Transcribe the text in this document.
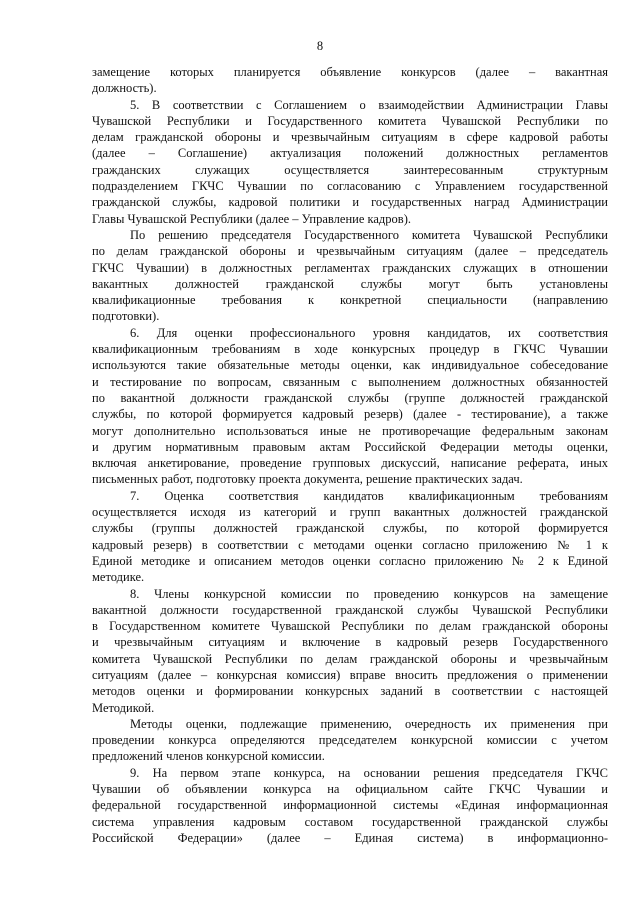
8
замещение которых планируется объявление конкурсов (далее – вакантная
должность).
5. В соответствии с Соглашением о взаимодействии Администрации Главы
Чувашской Республики и Государственного комитета Чувашской Республики по
делам гражданской обороны и чрезвычайным ситуациям в сфере кадровой работы
(далее – Соглашение) актуализация положений должностных регламентов
гражданских служащих осуществляется заинтересованным структурным
подразделением ГКЧС Чувашии по согласованию с Управлением государственной
гражданской службы, кадровой политики и государственных наград Администрации
Главы Чувашской Республики (далее – Управление кадров).
По решению председателя Государственного комитета Чувашской Республики
по делам гражданской обороны и чрезвычайным ситуациям (далее – председатель
ГКЧС Чувашии) в должностных регламентах гражданских служащих в отношении
вакантных должностей гражданской службы могут быть установлены
квалификационные требования к конкретной специальности (направлению
подготовки).
6. Для оценки профессионального уровня кандидатов, их соответствия
квалификационным требованиям в ходе конкурсных процедур в ГКЧС Чувашии
используются такие обязательные методы оценки, как индивидуальное собеседование
и тестирование по вопросам, связанным с выполнением должностных обязанностей
по вакантной должности гражданской службы (группе должностей гражданской
службы, по которой формируется кадровый резерв) (далее - тестирование), а также
могут дополнительно использоваться иные не противоречащие федеральным законам
и другим нормативным правовым актам Российской Федерации методы оценки,
включая анкетирование, проведение групповых дискуссий, написание реферата, иных
письменных работ, подготовку проекта документа, решение практических задач.
7. Оценка соответствия кандидатов квалификационным требованиям
осуществляется исходя из категорий и групп вакантных должностей гражданской
службы (группы должностей гражданской службы, по которой формируется
кадровый резерв) в соответствии с методами оценки согласно приложению № 1 к
Единой методике и описанием методов оценки согласно приложению № 2 к Единой
методике.
8. Члены конкурсной комиссии по проведению конкурсов на замещение
вакантной должности государственной гражданской службы Чувашской Республики
в Государственном комитете Чувашской Республики по делам гражданской обороны
и чрезвычайным ситуациям и включение в кадровый резерв Государственного
комитета Чувашской Республики по делам гражданской обороны и чрезвычайным
ситуациям (далее – конкурсная комиссия) вправе вносить предложения о применении
методов оценки и формировании конкурсных заданий в соответствии с настоящей
Методикой.
Методы оценки, подлежащие применению, очередность их применения при
проведении конкурса определяются председателем конкурсной комиссии с учетом
предложений членов конкурсной комиссии.
9. На первом этапе конкурса, на основании решения председателя ГКЧС
Чувашии об объявлении конкурса на официальном сайте ГКЧС Чувашии и
федеральной государственной информационной системы «Единая информационная
система управления кадровым составом государственной гражданской службы
Российской Федерации» (далее – Единая система) в информационно-
